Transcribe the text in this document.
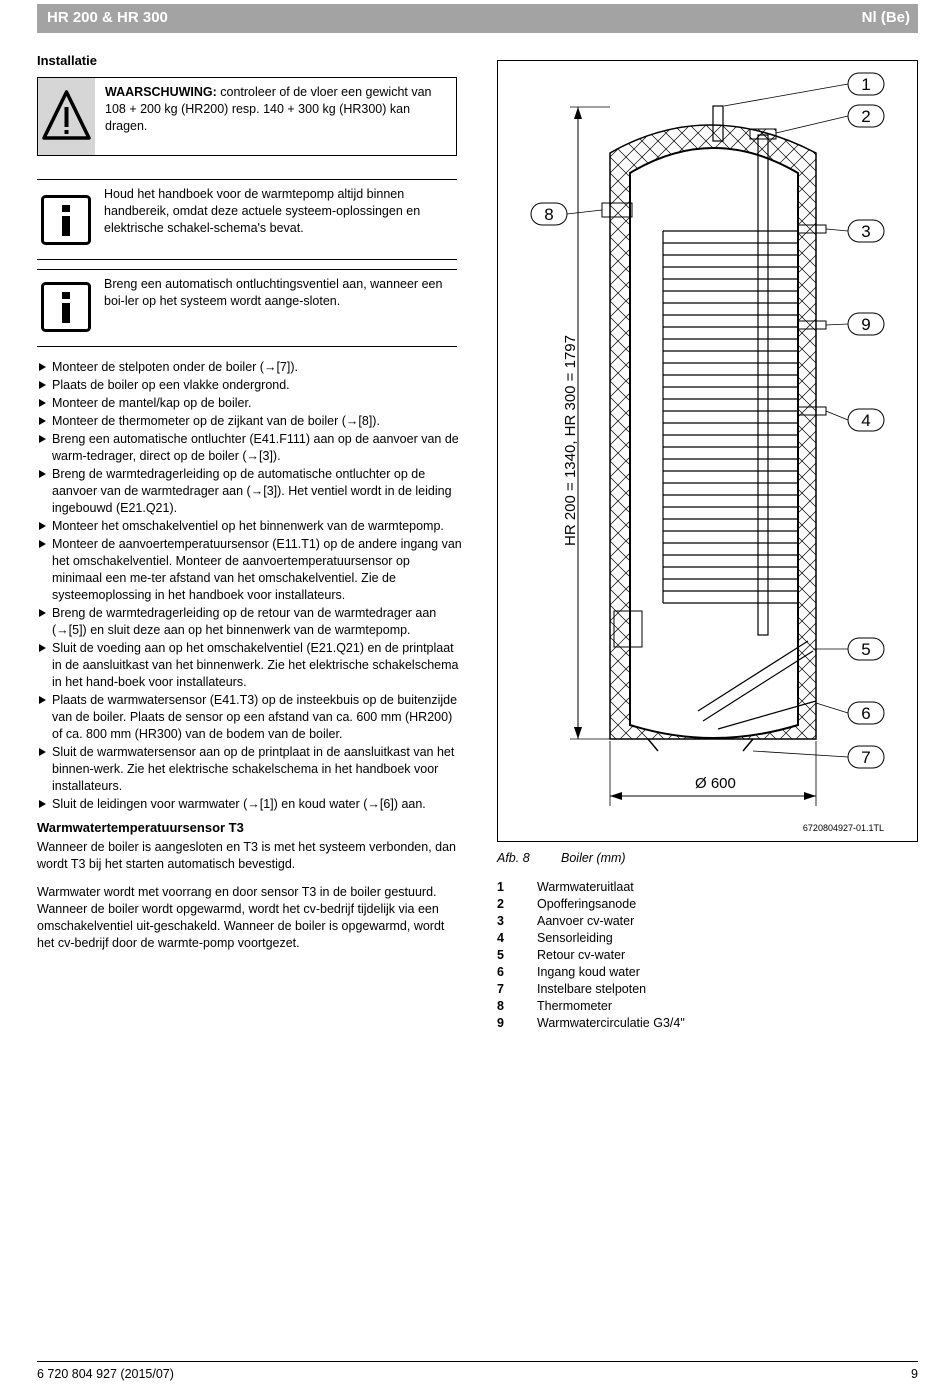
HR 200 & HR 300	Nl (Be)
Installatie
WAARSCHUWING: controleer of de vloer een gewicht van 108 + 200 kg (HR200) resp. 140 + 300 kg (HR300) kan dragen.
Houd het handboek voor de warmtepomp altijd binnen handbereik, omdat deze actuele systeem-oplossingen en elektrische schakel-schema's bevat.
Breng een automatisch ontluchtingsventiel aan, wanneer een boi-ler op het systeem wordt aange-sloten.
Monteer de stelpoten onder de boiler (→[7]).
Plaats de boiler op een vlakke ondergrond.
Monteer de mantel/kap op de boiler.
Monteer de thermometer op de zijkant van de boiler (→[8]).
Breng een automatische ontluchter (E41.F111) aan op de aanvoer van de warm-tedrager, direct op de boiler (→[3]).
Breng de warmtedragerleiding op de automatische ontluchter op de aanvoer van de warmtedrager aan (→[3]). Het ventiel wordt in de leiding ingebouwd (E21.Q21).
Monteer het omschakelventiel op het binnenwerk van de warmtepomp.
Monteer de aanvoertemperatuursensor (E11.T1) op de andere ingang van het omschakelventiel. Monteer de aanvoertemperatuursensor op minimaal een me-ter afstand van het omschakelventiel. Zie de systeemoplossing in het handboek voor installateurs.
Breng de warmtedragerleiding op de retour van de warmtedrager aan (→[5]) en sluit deze aan op het binnenwerk van de warmtepomp.
Sluit de voeding aan op het omschakelventiel (E21.Q21) en de printplaat in de aansluitkast van het binnenwerk. Zie het elektrische schakelschema in het hand-boek voor installateurs.
Plaats de warmwatersensor (E41.T3) op de insteekbuis op de buitenzijde van de boiler. Plaats de sensor op een afstand van ca. 600 mm (HR200) of ca. 800 mm (HR300) van de bodem van de boiler.
Sluit de warmwatersensor aan op de printplaat in de aansluitkast van het binnen-werk. Zie het elektrische schakelschema in het handboek voor installateurs.
Sluit de leidingen voor warmwater (→[1]) en koud water (→[6]) aan.
Warmwatertemperatuursensor T3

Wanneer de boiler is aangesloten en T3 is met het systeem verbonden, dan wordt T3 bij het starten automatisch bevestigd.

Warmwater wordt met voorrang en door sensor T3 in de boiler gestuurd. Wanneer de boiler wordt opgewarmd, wordt het cv-bedrijf tijdelijk via een omschakelventiel uit-geschakeld. Wanneer de boiler is opgewarmd, wordt het cv-bedrijf door de warmte-pomp voortgezet.

HR 200 = 1340, HR 300 = 1797
Ø 600
1
2
8
3
9
4
5
6
7
6720804927-01.1TL
Afb. 8	Boiler (mm)
1	Warmwateruitlaat
2	Opofferingsanode
3	Aanvoer cv-water
4	Sensorleiding
5	Retour cv-water
6	Ingang koud water
7	Instelbare stelpoten
8	Thermometer
9	Warmwatercirculatie G3/4"
6 720 804 927 (2015/07)	9
